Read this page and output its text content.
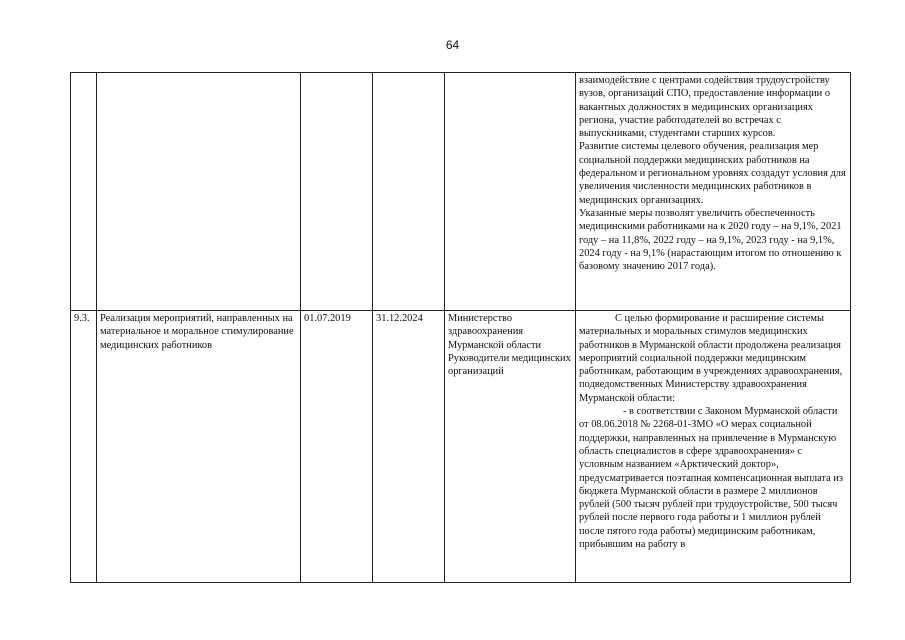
64

					взаимодействие с центрами содействия трудоустройству вузов, организаций СПО, предоставление информации о вакантных должностях в медицинских организациях региона, участие работодателей во встречах с выпускниками, студентами старших курсов.
Развитие системы целевого обучения, реализация мер социальной поддержки медицинских работников на федеральном и региональном уровнях создадут условия для увеличения численности медицинских работников в медицинских организациях.
Указанные меры позволят увеличить обеспеченность медицинскими работниками на к 2020 году – на 9,1%, 2021 году – на 11,8%, 2022 году – на 9,1%, 2023 году - на 9,1%, 2024 году - на 9,1% (нарастающим итогом по отношению к базовому значению 2017 года).

9.3.	Реализация мероприятий, направленных на материальное и моральное стимулирование медицинских работников	01.07.2019	31.12.2024	Министерство здравоохранения Мурманской области Руководители медицинских организаций	С целью формирование и расширение системы материальных и моральных стимулов медицинских работников в Мурманской области продолжена реализация мероприятий социальной поддержки медицинским работникам, работающим в учреждениях здравоохранения, подведомственных Министерству здравоохранения Мурманской области:
- в соответствии с Законом Мурманской области от 08.06.2018 № 2268-01-ЗМО «О мерах социальной поддержки, направленных на привлечение в Мурманскую область специалистов в сфере здравоохранения» с условным названием «Арктический доктор», предусматривается поэтапная компенсационная выплата из бюджета Мурманской области в размере 2 миллионов рублей (500 тысяч рублей при трудоустройстве, 500 тысяч рублей после первого года работы и 1 миллион рублей после пятого года работы) медицинским работникам, прибывшим на работу в
